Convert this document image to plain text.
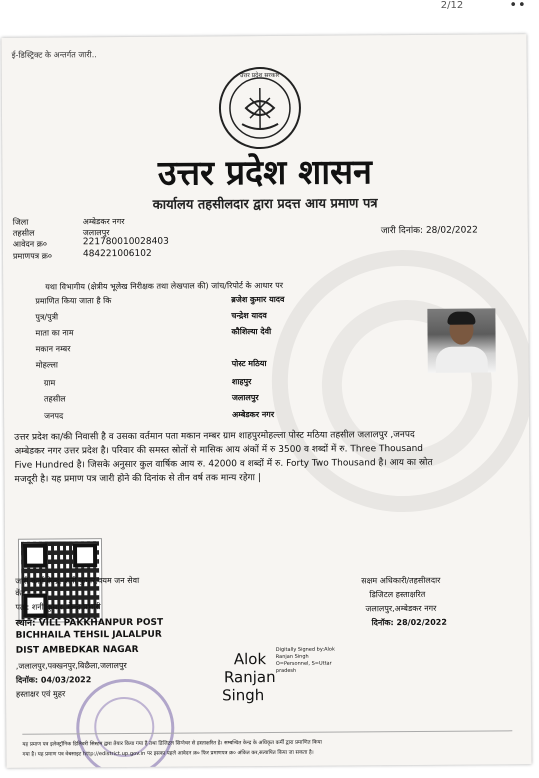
2/12	••
ई-डिस्ट्रिक्ट के अन्तर्गत जारी..
उत्तर प्रदेश सरकार
उत्तर प्रदेश शासन
कार्यालय तहसीलदार द्वारा प्रदत्त आय प्रमाण पत्र
जिला	अम्बेडकर नगर
तहसील	जलालपुर
आवेदन क्र०	221780010028403
प्रमाणपत्र क्र०	484221006102
जारी दिनांक: 28/02/2022
यथा विभागीय (क्षेत्रीय भूलेख निरीक्षक तथा लेखपाल की) जांच/रिपोर्ट के आधार पर
प्रमाणित किया जाता है कि	ब्रजेश कुमार यादव
पुत्र/पुत्री	चन्द्रेश यादव
माता का नाम	कौशिल्या देवी
मकान नम्बर
मोहल्ला	पोस्ट मठिया
ग्राम	शाहपुर
तहसील	जलालपुर
जनपद	अम्बेडकर नगर
उत्तर प्रदेश का/की निवासी है व उसका वर्तमान पता मकान नम्बर ग्राम शाहपुरमोहल्ला पोस्ट मठिया तहसील जलालपुर ,जनपद
अम्बेडकर नगर उत्तर प्रदेश है। परिवार की समस्त स्रोतों से मासिक आय अंकों में रु 3500 व शब्दों में रु. Three Thousand
Five Hundred है। जिसके अनुसार कुल वार्षिक आय रु. 42000 व शब्दों में रु. Forty Two Thousand है। आय का स्रोत
मजदूरी है। यह प्रमाण पत्र जारी होने की दिनांक से तीन वर्ष तक मान्य रहेगा |
जारी कर्ता केन्द्र: शनी कुमार,वयम जन सेवा
केंद्र
पता: शनी कुमार, केन्द्र प्रभारी
स्थान: VILL PAKKHANPUR POST
BICHHAILA TEHSIL JALALPUR
DIST AMBEDKAR NAGAR
,जलालपुर,पक्खनपुर,बिछैला,जलालपुर
दिनॉक: 04/03/2022
हस्ताक्षर एवं मुहर
Alok
Ranjan
Singh
Digitally Signed by:Alok
Ranjan Singh
O=Personnel, S=Uttar
pradesh
सक्षम अधिकारी/तहसीलदार
डिजिटल हस्ताक्षरित
जलालपुर,अम्बेडकर नगर
दिनॉक: 28/02/2022
यह प्रमाण पत्र इलेक्ट्रॉनिक डिलिवरी सिस्टम द्वारा तैयार किया गया है तथा डिजिटल सिग्नेचर से हस्ताक्षरित है। सम्बन्धित केन्द्र के अधिकृत कर्मी द्वारा प्रमाणित किया
गया है। यह प्रमाण पत्र वेबसाइट http://edistrict.up.gov.in पर इसका पहले आवेदन क्र० फिर प्रमाणपत्र क्र० अंकित कर,सत्यापित किया जा सकता है।
